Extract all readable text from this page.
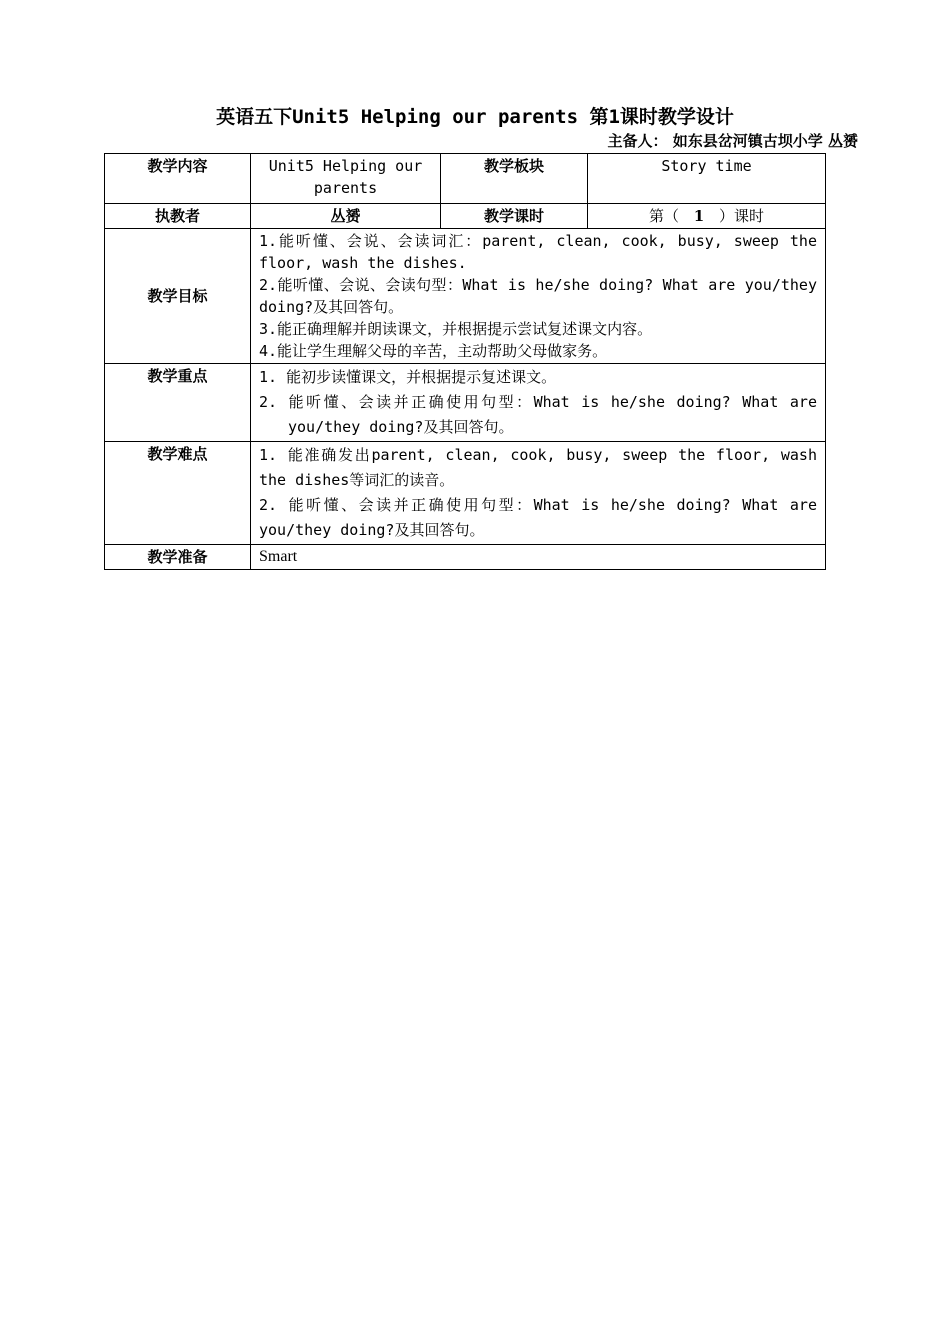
英语五下Unit5 Helping our parents 第1课时教学设计
主备人： 如东县岔河镇古坝小学 丛赟
教学内容	Unit5 Helping our parents	教学板块	Story time
执教者	丛赟	教学课时	第（ 1 ）课时
教学目标	1.能听懂、会说、会读词汇：parent, clean, cook, busy, sweep the floor, wash the dishes.

2.能听懂、会说、会读句型：What is he/she doing? What are you/they doing?及其回答句。

3.能正确理解并朗读课文，并根据提示尝试复述课文内容。

4.能让学生理解父母的辛苦，主动帮助父母做家务。		

教学重点	1. 能初步读懂课文，并根据提示复述课文。

2. 能听懂、会读并正确使用句型：What is he/she doing? What are you/they doing?及其回答句。		

教学难点	1. 能准确发出parent, clean, cook, busy, sweep the floor, wash the dishes等词汇的读音。

2. 能听懂、会读并正确使用句型：What is he/she doing? What are you/they doing?及其回答句。		

教学准备	Smart		
